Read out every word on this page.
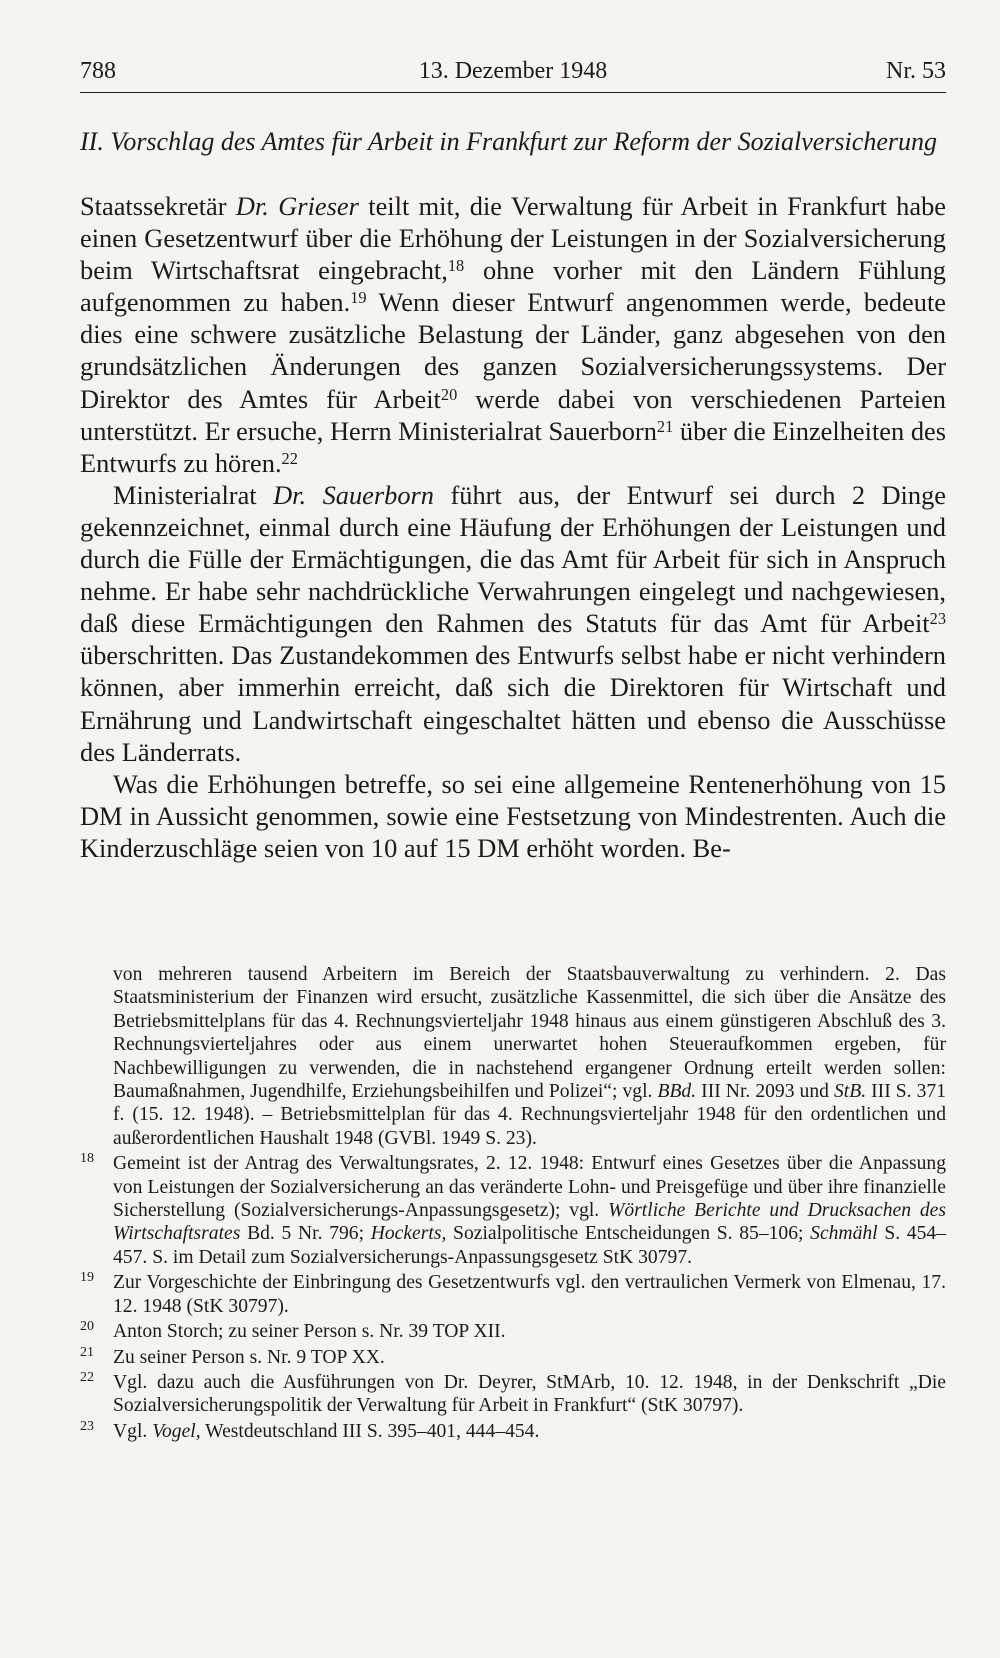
788	13. Dezember 1948	Nr. 53
II. Vorschlag des Amtes für Arbeit in Frankfurt zur Reform der Sozialversicherung

Staatssekretär Dr. Grieser teilt mit, die Verwaltung für Arbeit in Frankfurt habe einen Gesetzentwurf über die Erhöhung der Leistungen in der Sozialversicherung beim Wirtschaftsrat eingebracht,$^{18}$ ohne vorher mit den Ländern Fühlung aufgenommen zu haben.$^{19}$ Wenn dieser Entwurf angenommen werde, bedeute dies eine schwere zusätzliche Belastung der Länder, ganz abgesehen von den grundsätzlichen Änderungen des ganzen Sozialversicherungssystems. Der Direktor des Amtes für Arbeit$^{20}$ werde dabei von verschiedenen Parteien unterstützt. Er ersuche, Herrn Ministerialrat Sauerborn$^{21}$ über die Einzelheiten des Entwurfs zu hören.$^{22}$

Ministerialrat Dr. Sauerborn führt aus, der Entwurf sei durch 2 Dinge gekennzeichnet, einmal durch eine Häufung der Erhöhungen der Leistungen und durch die Fülle der Ermächtigungen, die das Amt für Arbeit für sich in Anspruch nehme. Er habe sehr nachdrückliche Verwahrungen eingelegt und nachgewiesen, daß diese Ermächtigungen den Rahmen des Statuts für das Amt für Arbeit$^{23}$ überschritten. Das Zustandekommen des Entwurfs selbst habe er nicht verhindern können, aber immerhin erreicht, daß sich die Direktoren für Wirtschaft und Ernährung und Landwirtschaft eingeschaltet hätten und ebenso die Ausschüsse des Länderrats.

Was die Erhöhungen betreffe, so sei eine allgemeine Rentenerhöhung von 15 DM in Aussicht genommen, sowie eine Festsetzung von Mindestrenten. Auch die Kinderzuschläge seien von 10 auf 15 DM erhöht worden. Be-

von mehreren tausend Arbeitern im Bereich der Staatsbauverwaltung zu verhindern. 2. Das Staatsministerium der Finanzen wird ersucht, zusätzliche Kassenmittel, die sich über die Ansätze des Betriebsmittelplans für das 4. Rechnungsvierteljahr 1948 hinaus aus einem günstigeren Abschluß des 3. Rechnungsvierteljahres oder aus einem unerwartet hohen Steueraufkommen ergeben, für Nachbewilligungen zu verwenden, die in nachstehend ergangener Ordnung erteilt werden sollen: Baumaßnahmen, Jugendhilfe, Erziehungsbeihilfen und Polizei“; vgl. BBd. III Nr. 2093 und StB. III S. 371 f. (15. 12. 1948). – Betriebsmittelplan für das 4. Rechnungsvierteljahr 1948 für den ordentlichen und außerordentlichen Haushalt 1948 (GVBl. 1949 S. 23).
18 Gemeint ist der Antrag des Verwaltungsrates, 2. 12. 1948: Entwurf eines Gesetzes über die Anpassung von Leistungen der Sozialversicherung an das veränderte Lohn- und Preisgefüge und über ihre finanzielle Sicherstellung (Sozialversicherungs-Anpassungsgesetz); vgl. Wörtliche Berichte und Drucksachen des Wirtschaftsrates Bd. 5 Nr. 796; Hockerts, Sozialpolitische Entscheidungen S. 85–106; Schmähl S. 454–457. S. im Detail zum Sozialversicherungs-Anpassungsgesetz StK 30797.
19 Zur Vorgeschichte der Einbringung des Gesetzentwurfs vgl. den vertraulichen Vermerk von Elmenau, 17. 12. 1948 (StK 30797).
20 Anton Storch; zu seiner Person s. Nr. 39 TOP XII.
21 Zu seiner Person s. Nr. 9 TOP XX.
22 Vgl. dazu auch die Ausführungen von Dr. Deyrer, StMArb, 10. 12. 1948, in der Denkschrift „Die Sozialversicherungspolitik der Verwaltung für Arbeit in Frankfurt“ (StK 30797).
23 Vgl. Vogel, Westdeutschland III S. 395–401, 444–454.
